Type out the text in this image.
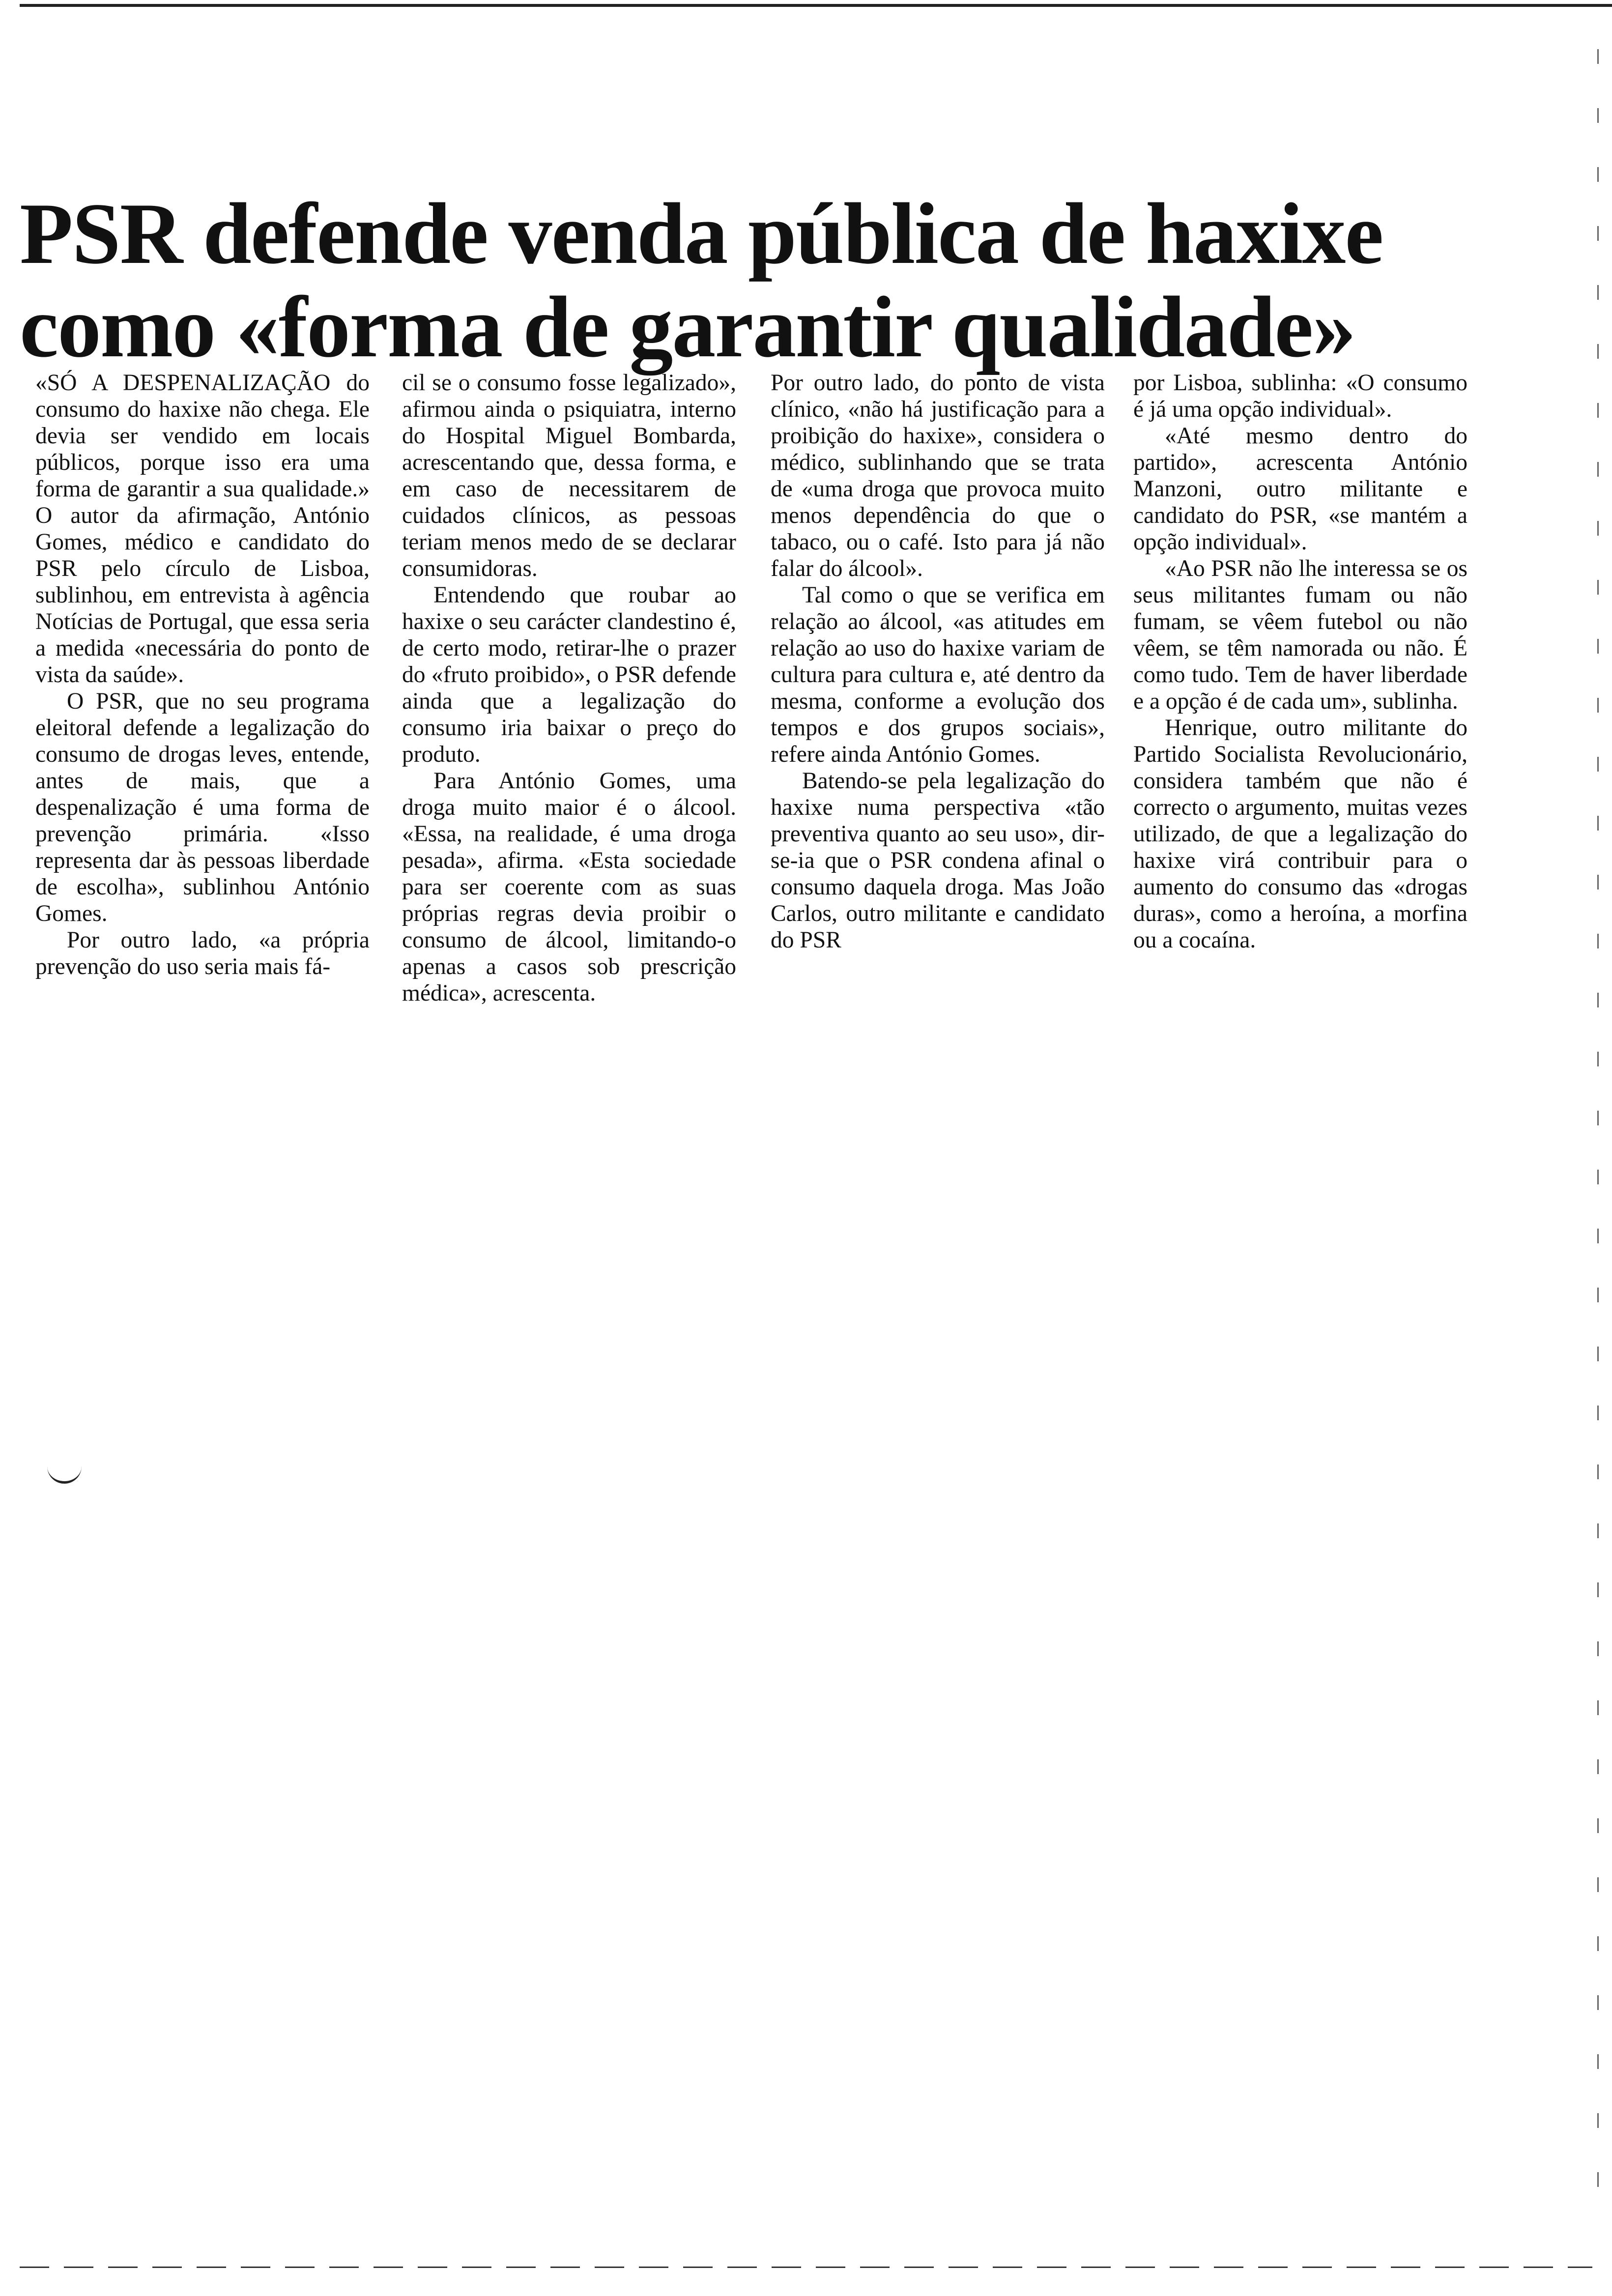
PSR defende venda pública de haxixe
como «forma de garantir qualidade»

«SÓ A DESPENALIZAÇÃO do consumo do haxixe não chega. Ele devia ser vendido em locais públicos, porque isso era uma forma de garantir a sua qualidade.» O autor da afirmação, António Gomes, médico e candidato do PSR pelo círculo de Lisboa, sublinhou, em entrevista à agência Notícias de Portugal, que essa seria a medida «necessária do ponto de vista da saúde».

O PSR, que no seu programa eleitoral defende a legalização do consumo de drogas leves, entende, antes de mais, que a despenalização é uma forma de prevenção primária. «Isso representa dar às pessoas liberdade de escolha», sublinhou António Gomes.

Por outro lado, «a própria prevenção do uso seria mais fá-

cil se o consumo fosse legalizado», afirmou ainda o psiquiatra, interno do Hospital Miguel Bombarda, acrescentando que, dessa forma, e em caso de necessitarem de cuidados clínicos, as pessoas teriam menos medo de se declarar consumidoras.

Entendendo que roubar ao haxixe o seu carácter clandestino é, de certo modo, retirar-lhe o prazer do «fruto proibido», o PSR defende ainda que a legalização do consumo iria baixar o preço do produto.

Para António Gomes, uma droga muito maior é o álcool. «Essa, na realidade, é uma droga pesada», afirma. «Esta sociedade para ser coerente com as suas próprias regras devia proibir o consumo de álcool, limitando-o apenas a casos sob prescrição médica», acrescenta.

Por outro lado, do ponto de vista clínico, «não há justificação para a proibição do haxixe», considera o médico, sublinhando que se trata de «uma droga que provoca muito menos dependência do que o tabaco, ou o café. Isto para já não falar do álcool».

Tal como o que se verifica em relação ao álcool, «as atitudes em relação ao uso do haxixe variam de cultura para cultura e, até dentro da mesma, conforme a evolução dos tempos e dos grupos sociais», refere ainda António Gomes.

Batendo-se pela legalização do haxixe numa perspectiva «tão preventiva quanto ao seu uso», dir-se-ia que o PSR condena afinal o consumo daquela droga. Mas João Carlos, outro militante e candidato do PSR

por Lisboa, sublinha: «O consumo é já uma opção individual».

«Até mesmo dentro do partido», acrescenta António Manzoni, outro militante e candidato do PSR, «se mantém a opção individual».

«Ao PSR não lhe interessa se os seus militantes fumam ou não fumam, se vêem futebol ou não vêem, se têm namorada ou não. É como tudo. Tem de haver liberdade e a opção é de cada um», sublinha.

Henrique, outro militante do Partido Socialista Revolucionário, considera também que não é correcto o argumento, muitas vezes utilizado, de que a legalização do haxixe virá contribuir para o aumento do consumo das «drogas duras», como a heroína, a morfina ou a cocaína.
